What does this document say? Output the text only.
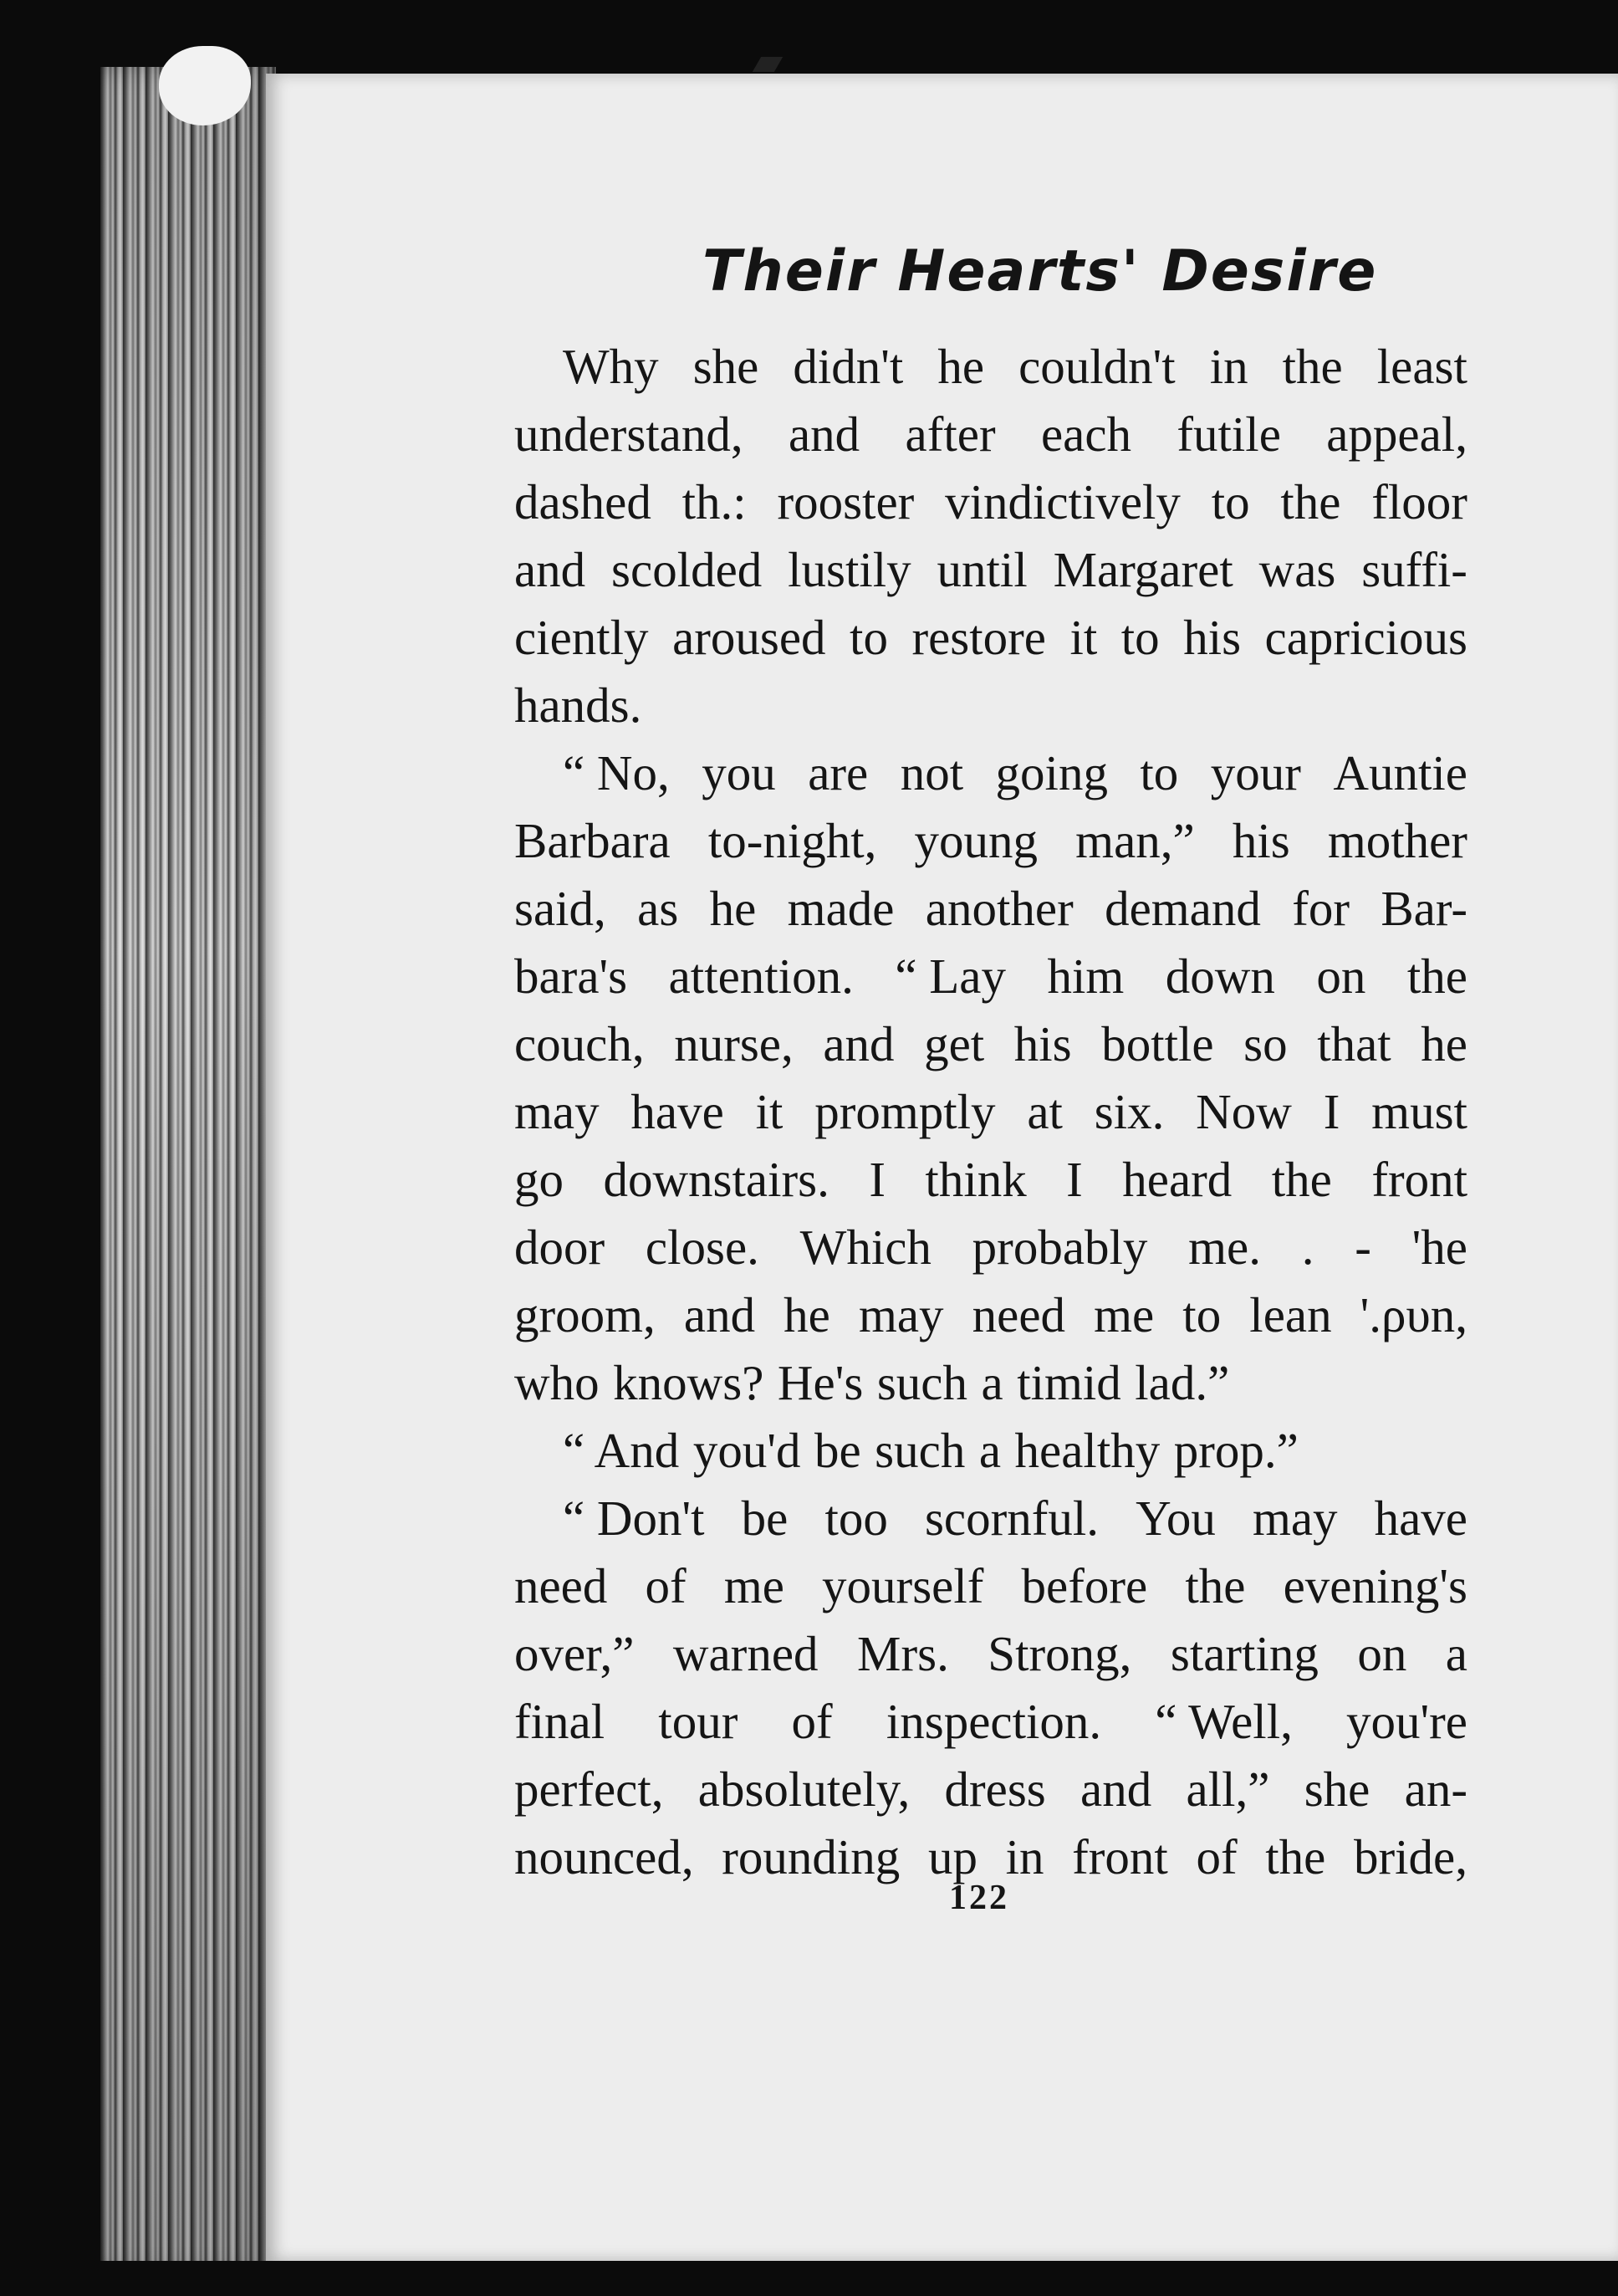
Their Hearts' Desire
Why she didn't he couldn't in the least
understand, and after each futile appeal,
dashed th.: rooster vindictively to the floor
and scolded lustily until Margaret was suffi-
ciently aroused to restore it to his capricious
hands.
“ No, you are not going to your Auntie
Barbara to-night, young man,” his mother
said, as he made another demand for Bar-
bara's attention. “ Lay him down on the
couch, nurse, and get his bottle so that he
may have it promptly at six. Now I must
go downstairs. I think I heard the front
door close. Which probably me. . - 'he
groom, and he may need me to lean '.ρυn,
who knows? He's such a timid lad.”
“ And you'd be such a healthy prop.”
“ Don't be too scornful. You may have
need of me yourself before the evening's
over,” warned Mrs. Strong, starting on a
final tour of inspection. “ Well, you're
perfect, absolutely, dress and all,” she an-
nounced, rounding up in front of the bride,
122
